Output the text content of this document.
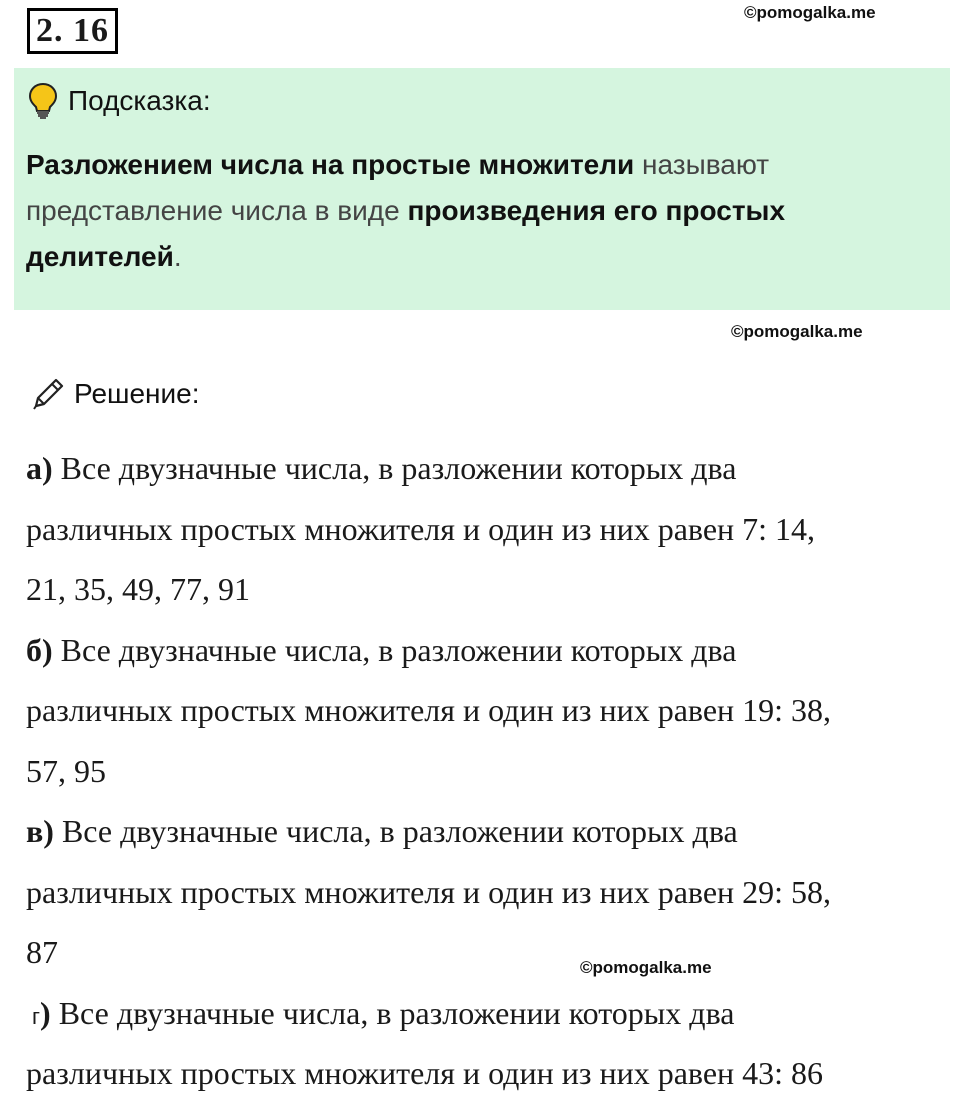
2. 16	©pomogalka.me
Подсказка:
Разложением числа на простые множители называют
представление числа в виде произведения его простых
делителей.
©pomogalka.me
Решение:
а) Все двузначные числа, в разложении которых два
различных простых множителя и один из них равен 7: 14,
21, 35, 49, 77, 91
б) Все двузначные числа, в разложении которых два
различных простых множителя и один из них равен 19: 38,
57, 95
в) Все двузначные числа, в разложении которых два
различных простых множителя и один из них равен 29: 58,
87
г) Все двузначные числа, в разложении которых два
различных простых множителя и один из них равен 43: 86
©pomogalka.me
